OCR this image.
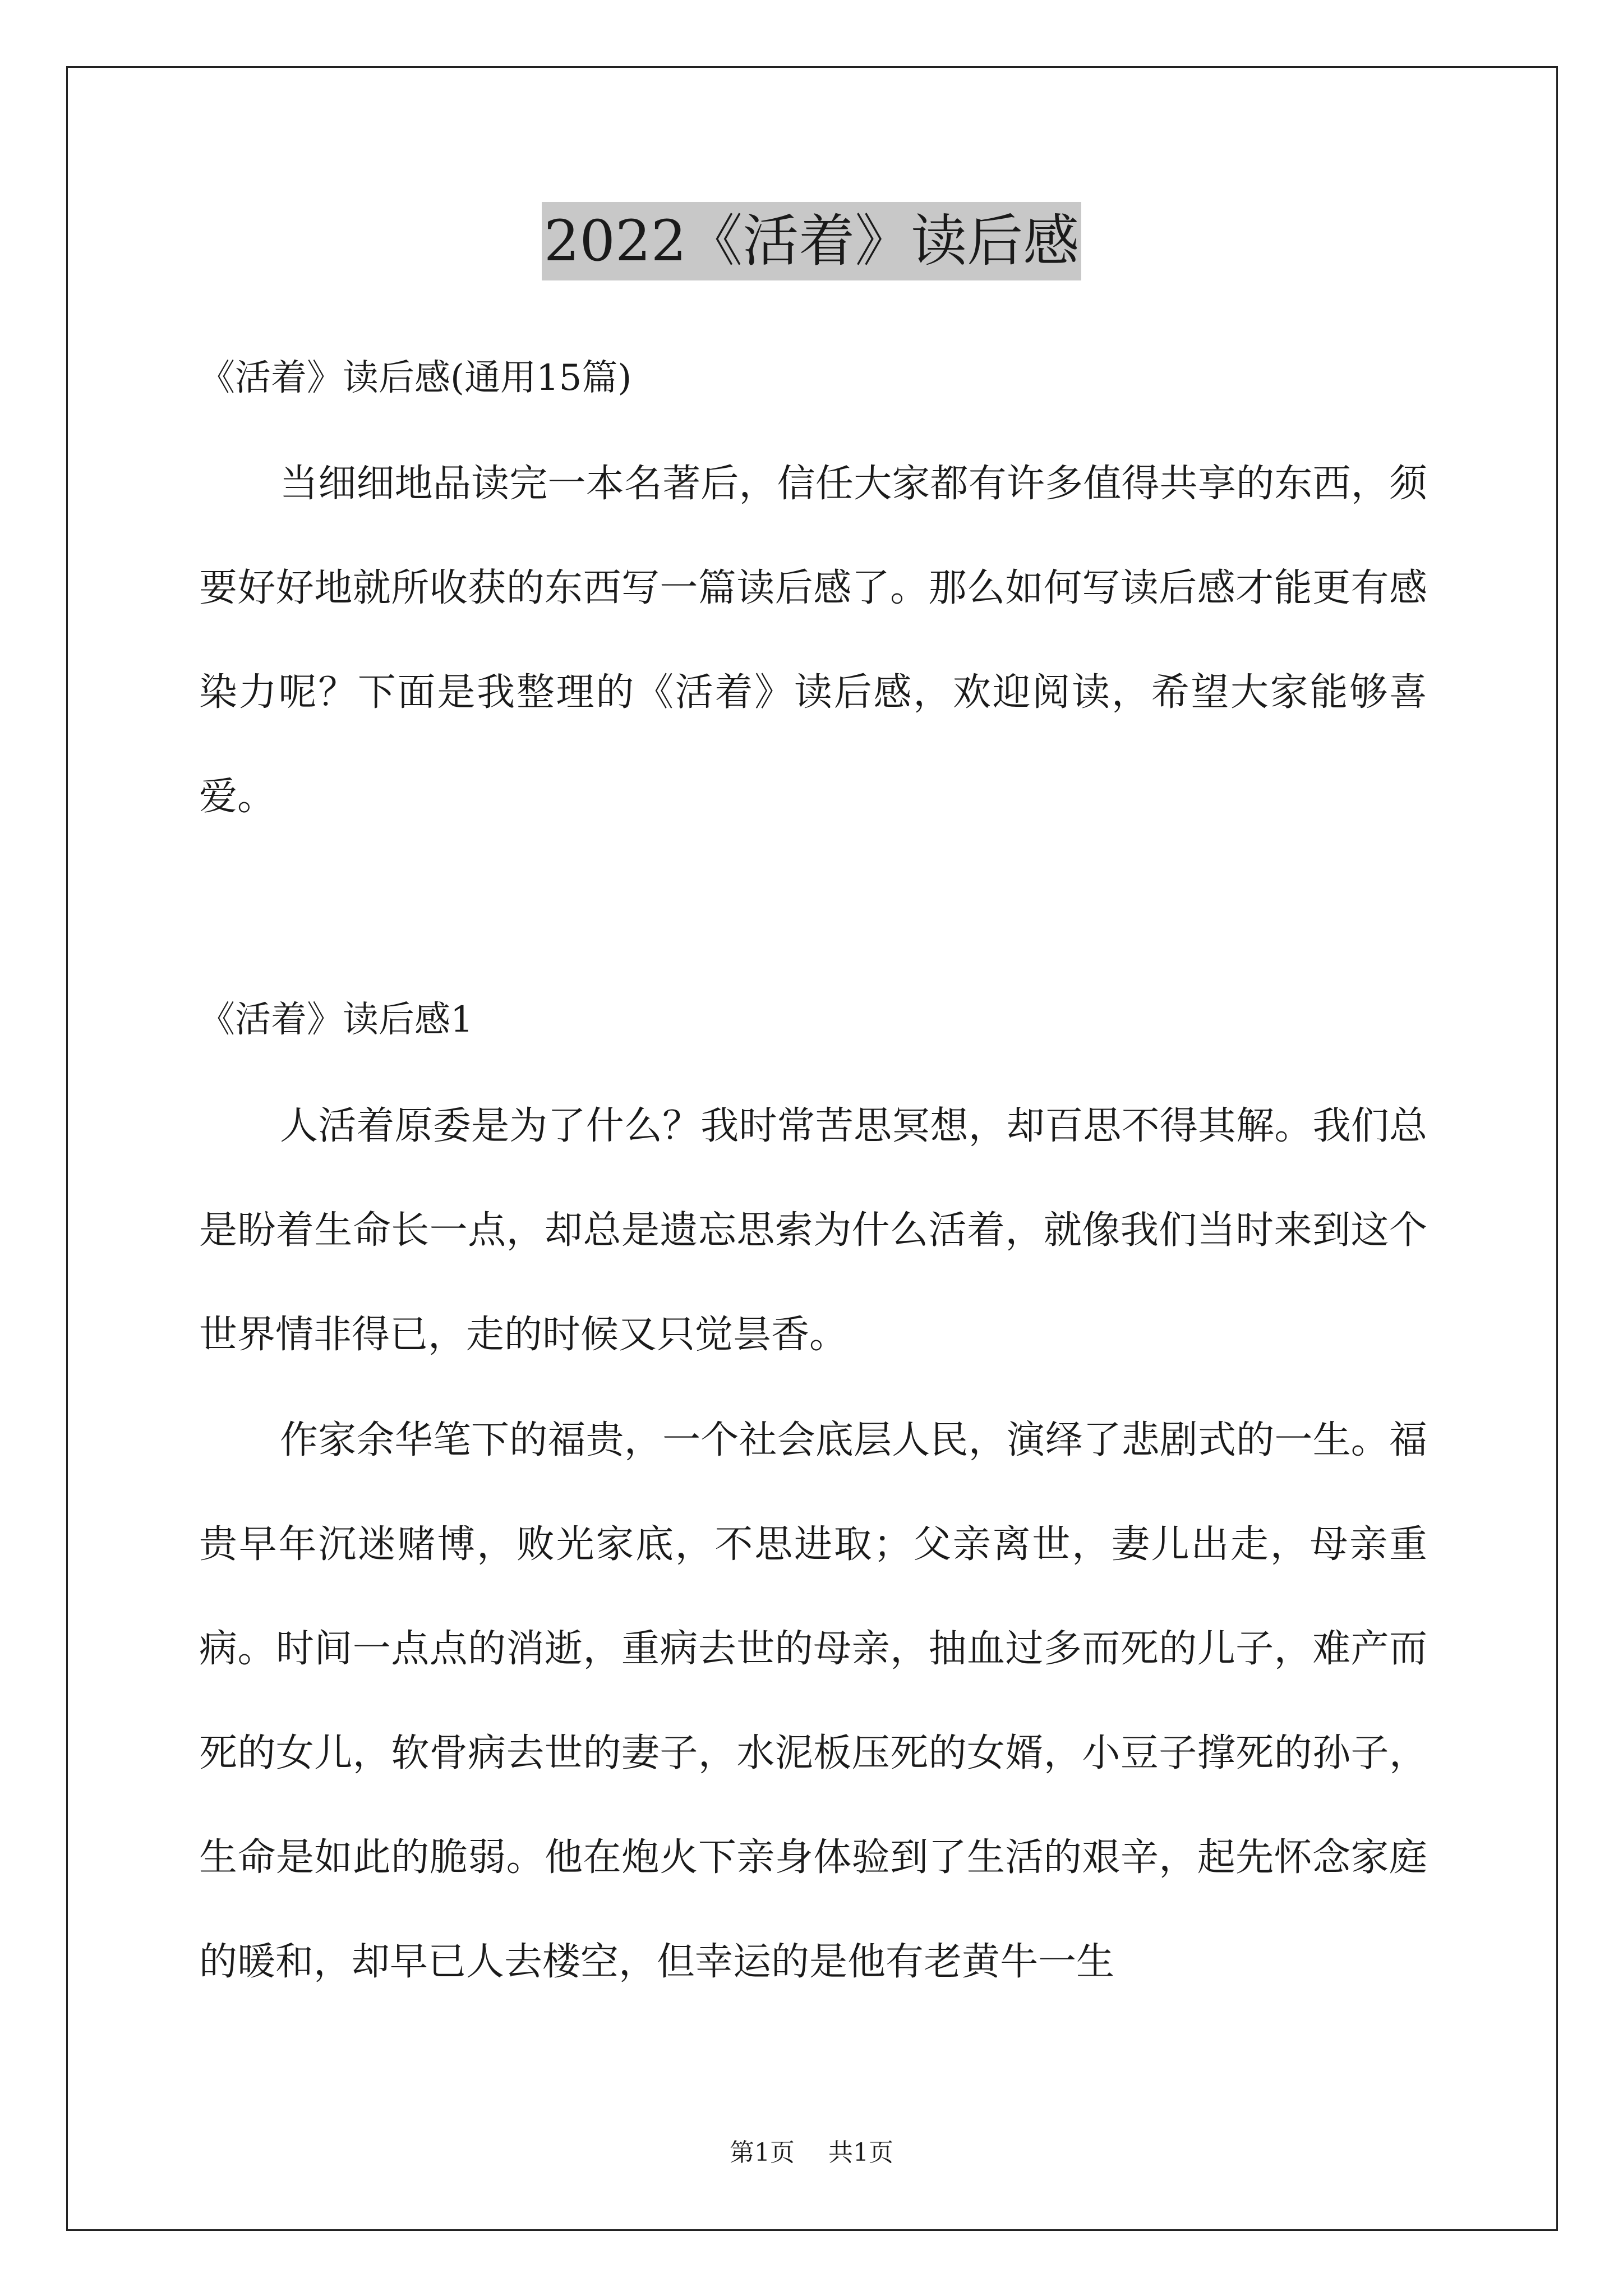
2022《活着》读后感
《活着》读后感(通用15篇)

当细细地品读完一本名著后，信任大家都有许多值得共享的东西，须要好好地就所收获的东西写一篇读后感了。那么如何写读后感才能更有感染力呢？下面是我整理的《活着》读后感，欢迎阅读，希望大家能够喜爱。

《活着》读后感1

人活着原委是为了什么？我时常苦思冥想，却百思不得其解。我们总是盼着生命长一点，却总是遗忘思索为什么活着，就像我们当时来到这个世界情非得已，走的时候又只觉昙香。

作家余华笔下的福贵，一个社会底层人民，演绎了悲剧式的一生。福贵早年沉迷赌博，败光家底，不思进取；父亲离世，妻儿出走，母亲重病。时间一点点的消逝，重病去世的母亲，抽血过多而死的儿子，难产而死的女儿，软骨病去世的妻子，水泥板压死的女婿，小豆子撑死的孙子，生命是如此的脆弱。他在炮火下亲身体验到了生活的艰辛，起先怀念家庭的暖和，却早已人去楼空，但幸运的是他有老黄牛一生

第1页 共1页
